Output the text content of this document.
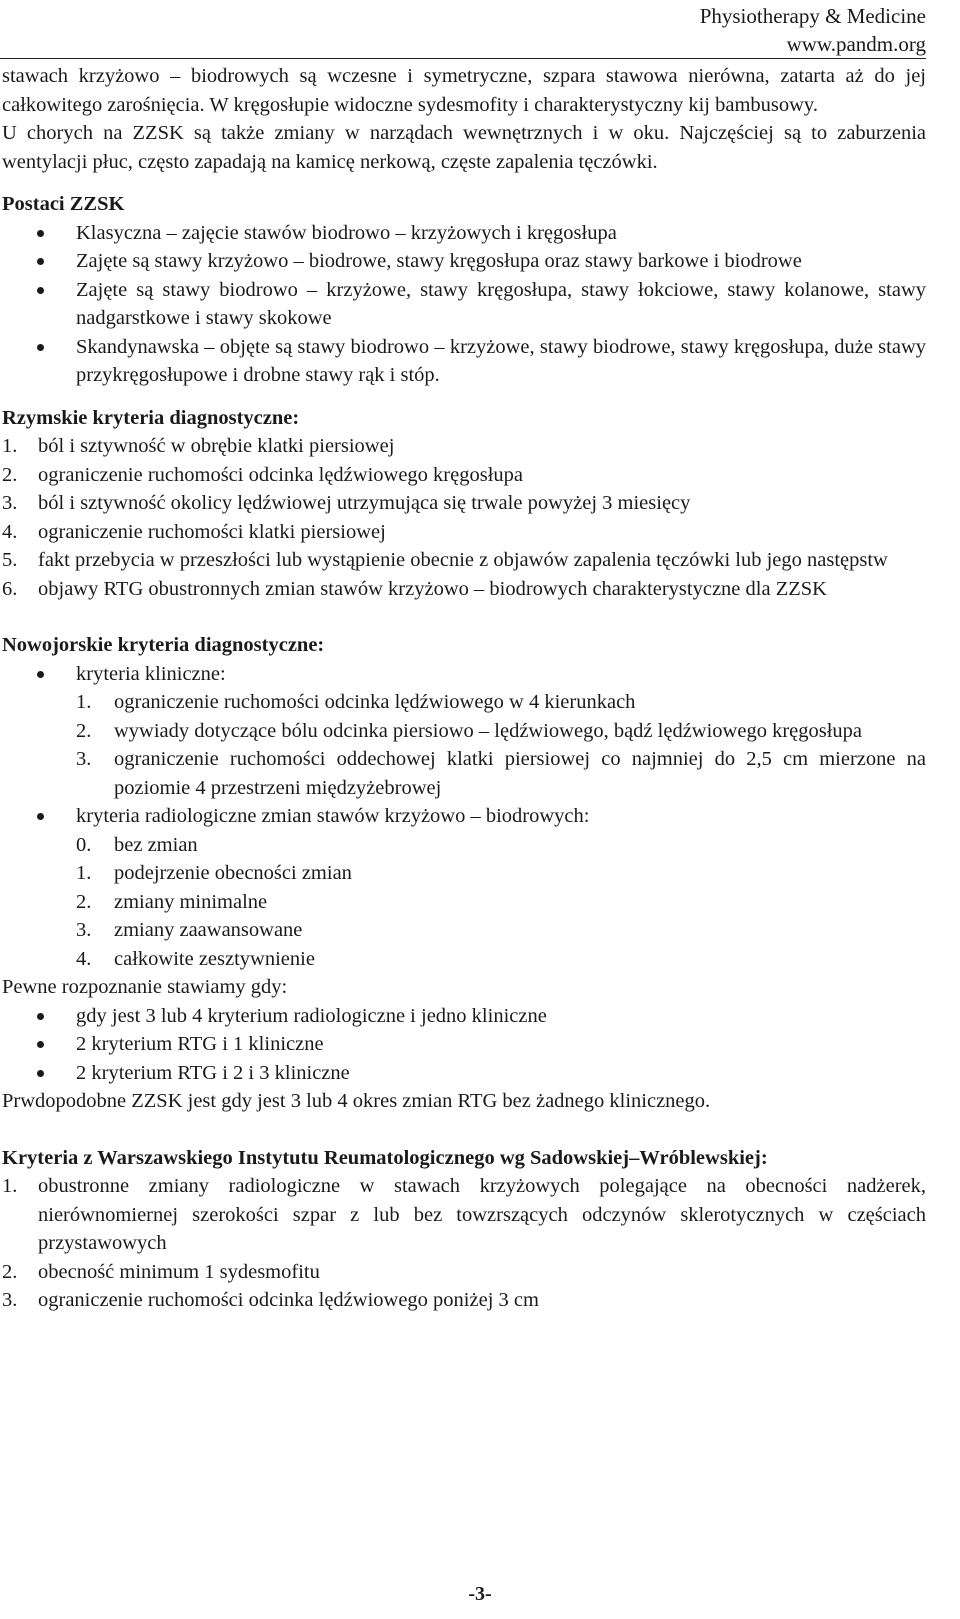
Physiotherapy & Medicine
www.pandm.org

stawach krzyżowo – biodrowych są wczesne i symetryczne, szpara stawowa nierówna, zatarta aż do jej całkowitego zarośnięcia. W kręgosłupie widoczne sydesmofity i charakterystyczny kij bambusowy.

U chorych na ZZSK są także zmiany w narządach wewnętrznych i w oku. Najczęściej są to zaburzenia wentylacji płuc, często zapadają na kamicę nerkową, częste zapalenia tęczówki.

Postaci ZZSK

Klasyczna – zajęcie stawów biodrowo – krzyżowych i kręgosłupa
Zajęte są stawy krzyżowo – biodrowe, stawy kręgosłupa oraz stawy barkowe i biodrowe
Zajęte są stawy biodrowo – krzyżowe, stawy kręgosłupa, stawy łokciowe, stawy kolanowe, stawy nadgarstkowe i stawy skokowe
Skandynawska – objęte są stawy biodrowo – krzyżowe, stawy biodrowe, stawy kręgosłupa, duże stawy przykręgosłupowe i drobne stawy rąk i stóp.

Rzymskie kryteria diagnostyczne:

1. ból i sztywność w obrębie klatki piersiowej
2. ograniczenie ruchomości odcinka lędźwiowego kręgosłupa
3. ból i sztywność okolicy lędźwiowej utrzymująca się trwale powyżej 3 miesięcy
4. ograniczenie ruchomości klatki piersiowej
5. fakt przebycia w przeszłości lub wystąpienie obecnie z objawów zapalenia tęczówki lub jego następstw
6. objawy RTG obustronnych zmian stawów krzyżowo – biodrowych charakterystyczne dla ZZSK

Nowojorskie kryteria diagnostyczne:

kryteria kliniczne:
1. ograniczenie ruchomości odcinka lędźwiowego w 4 kierunkach
2. wywiady dotyczące bólu odcinka piersiowo – lędźwiowego, bądź lędźwiowego kręgosłupa
3. ograniczenie ruchomości oddechowej klatki piersiowej co najmniej do 2,5 cm mierzone na poziomie 4 przestrzeni międzyżebrowej
kryteria radiologiczne zmian stawów krzyżowo – biodrowych:
0. bez zmian
1. podejrzenie obecności zmian
2. zmiany minimalne
3. zmiany zaawansowane
4. całkowite zesztywnienie

Pewne rozpoznanie stawiamy gdy:

gdy jest 3 lub 4 kryterium radiologiczne i jedno kliniczne
2 kryterium RTG i 1 kliniczne
2 kryterium RTG i 2 i 3 kliniczne

Prwdopodobne ZZSK jest gdy jest 3 lub 4 okres zmian RTG bez żadnego klinicznego.

Kryteria z Warszawskiego Instytutu Reumatologicznego wg Sadowskiej–Wróblewskiej:

1. obustronne zmiany radiologiczne w stawach krzyżowych polegające na obecności nadżerek, nierównomiernej szerokości szpar z lub bez towzrszących odczynów sklerotycznych w częściach przystawowych
2. obecność minimum 1 sydesmofitu
3. ograniczenie ruchomości odcinka lędźwiowego poniżej 3 cm
-3-
